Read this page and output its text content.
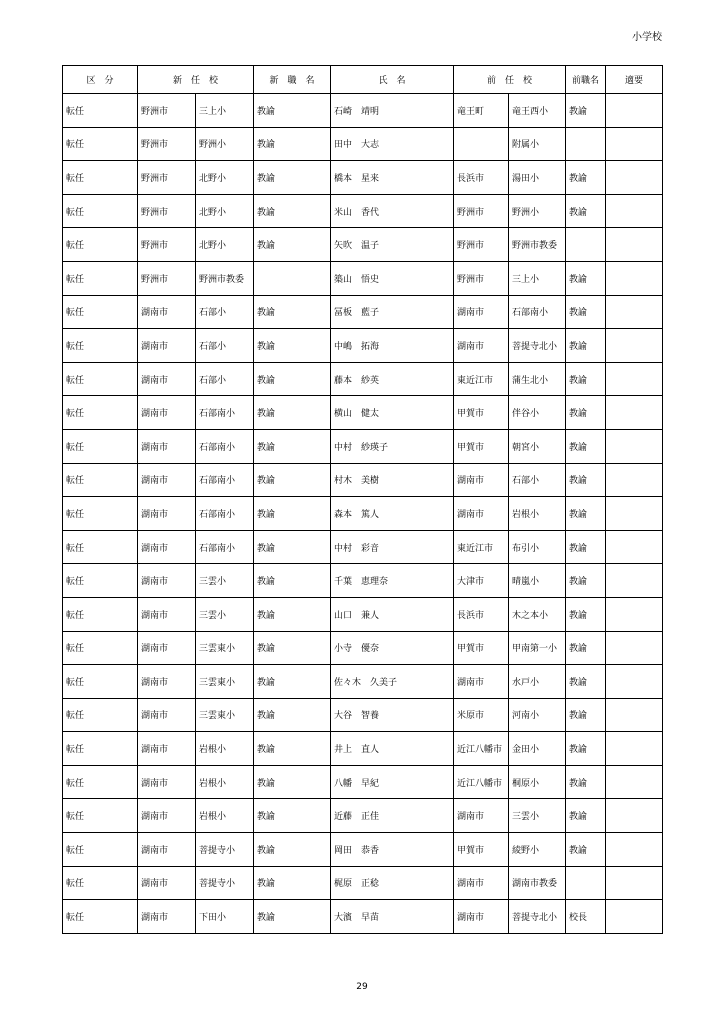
小学校
区　分	新　任　校		新　職　名	氏　名	前　任　校		前職名	適要
転任	野洲市	三上小	教諭	石崎　靖明	竜王町	竜王西小	教諭	
転任	野洲市	野洲小	教諭	田中　大志		附属小		
転任	野洲市	北野小	教諭	橋本　星来	長浜市	湯田小	教諭	
転任	野洲市	北野小	教諭	米山　香代	野洲市	野洲小	教諭	
転任	野洲市	北野小	教諭	矢吹　温子	野洲市	野洲市教委		
転任	野洲市	野洲市教委		築山　悟史	野洲市	三上小	教諭	
転任	湖南市	石部小	教諭	冨板　藍子	湖南市	石部南小	教諭	
転任	湖南市	石部小	教諭	中嶋　拓海	湖南市	菩提寺北小	教諭	
転任	湖南市	石部小	教諭	藤本　紗英	東近江市	蒲生北小	教諭	
転任	湖南市	石部南小	教諭	横山　健太	甲賀市	伴谷小	教諭	
転任	湖南市	石部南小	教諭	中村　紗瑛子	甲賀市	朝宮小	教諭	
転任	湖南市	石部南小	教諭	村木　美樹	湖南市	石部小	教諭	
転任	湖南市	石部南小	教諭	森本　篤人	湖南市	岩根小	教諭	
転任	湖南市	石部南小	教諭	中村　彩音	東近江市	布引小	教諭	
転任	湖南市	三雲小	教諭	千葉　恵理奈	大津市	晴嵐小	教諭	
転任	湖南市	三雲小	教諭	山口　兼人	長浜市	木之本小	教諭	
転任	湖南市	三雲東小	教諭	小寺　優奈	甲賀市	甲南第一小	教諭	
転任	湖南市	三雲東小	教諭	佐々木　久美子	湖南市	水戸小	教諭	
転任	湖南市	三雲東小	教諭	大谷　智養	米原市	河南小	教諭	
転任	湖南市	岩根小	教諭	井上　直人	近江八幡市	金田小	教諭	
転任	湖南市	岩根小	教諭	八幡　早紀	近江八幡市	桐原小	教諭	
転任	湖南市	岩根小	教諭	近藤　正佳	湖南市	三雲小	教諭	
転任	湖南市	菩提寺小	教諭	岡田　恭香	甲賀市	綾野小	教諭	
転任	湖南市	菩提寺小	教諭	梶原　正稔	湖南市	湖南市教委		
転任	湖南市	下田小	教諭	大濱　早苗	湖南市	菩提寺北小	校長	
29
